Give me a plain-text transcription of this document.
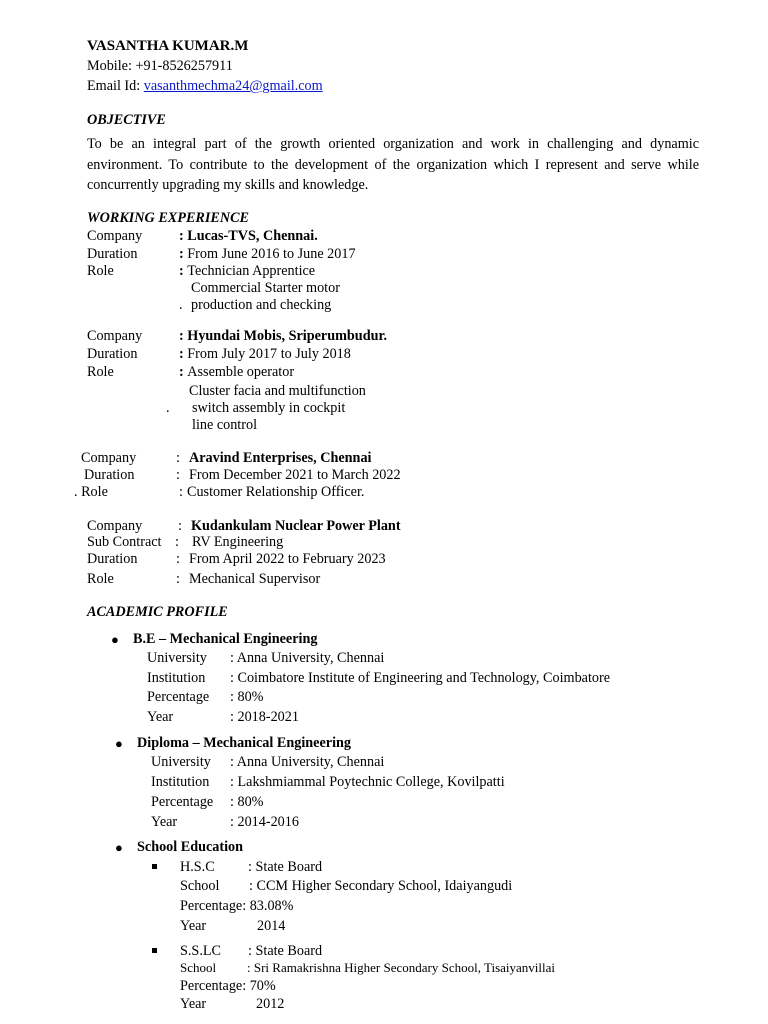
VASANTHA KUMAR.M
Mobile: +91-8526257911
Email Id: vasanthmechma24@gmail.com
OBJECTIVE
To be an integral part of the growth oriented organization and work in challenging and dynamic environment. To contribute to the development of the organization which I represent and serve while concurrently upgrading my skills and knowledge.
WORKING EXPERIENCE
Company	: Lucas-TVS, Chennai.
Duration	: From June 2016 to June 2017
Role	: Technician Apprentice
Commercial Starter motor
. production and checking
Company	: Hyundai Mobis, Sriperumbudur.
Duration	: From July 2017 to July 2018
Role	: Assemble operator
Cluster facia and multifunction
. switch assembly in cockpit
line control
Company	: Aravind Enterprises, Chennai
Duration	: From December 2021 to March 2022
. Role	: Customer Relationship Officer.
Company	: Kudankulam Nuclear Power Plant
Sub Contract : RV Engineering
Duration	: From April 2022 to February 2023
Role	: Mechanical Supervisor
ACADEMIC PROFILE
● B.E – Mechanical Engineering
University : Anna University, Chennai
Institution : Coimbatore Institute of Engineering and Technology, Coimbatore
Percentage : 80%
Year	: 2018-2021
● Diploma – Mechanical Engineering
University : Anna University, Chennai
Institution : Lakshmiammal Poytechnic College, Kovilpatti
Percentage : 80%
Year	: 2014-2016
● School Education
H.S.C : State Board
School : CCM Higher Secondary School, Idaiyangudi
Percentage: 83.08%
Year	2014
S.S.LC : State Board
School : Sri Ramakrishna Higher Secondary School, Tisaiyanvillai
Percentage: 70%
Year	2012
